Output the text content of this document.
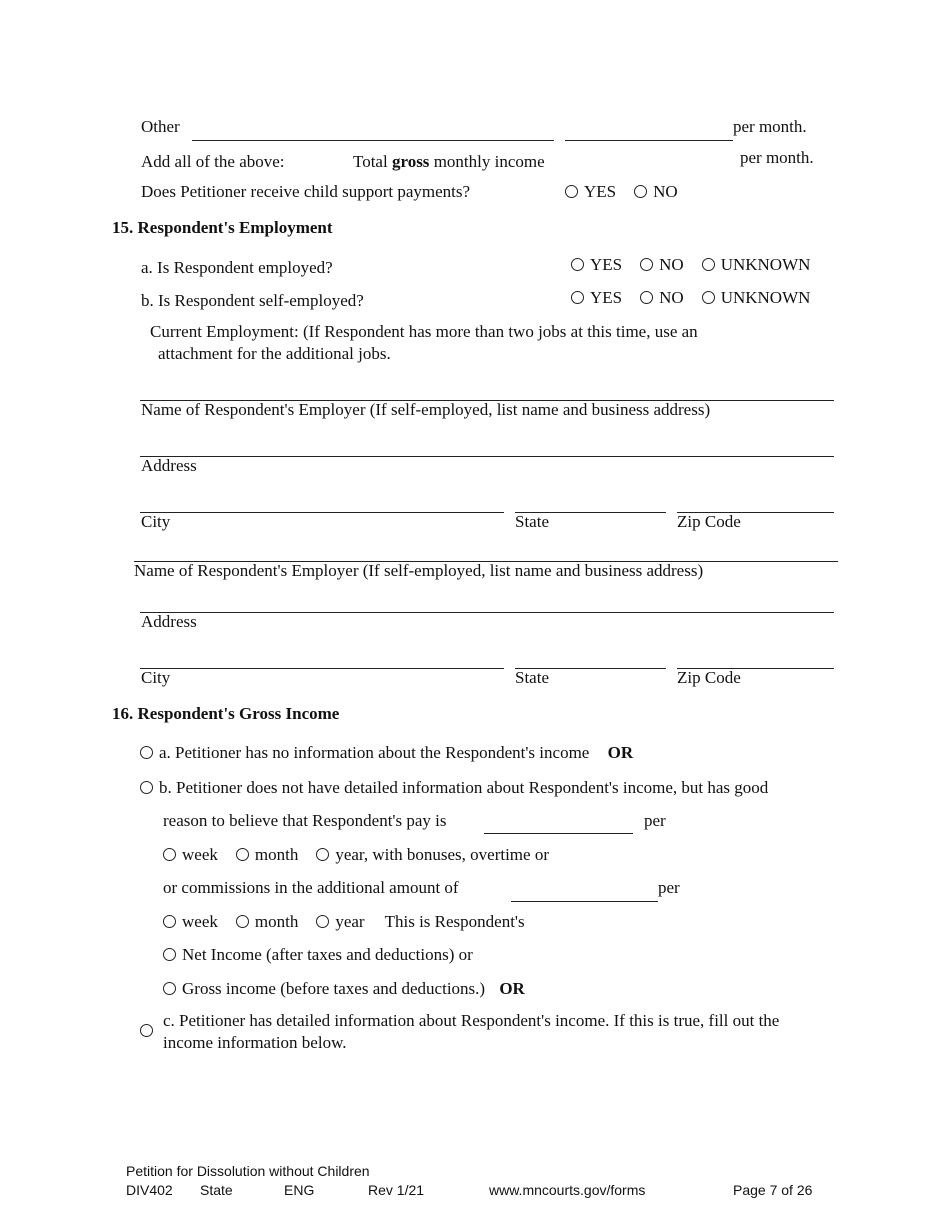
Other	per month.
Add all of the above:	Total gross monthly income	per month.
Does Petitioner receive child support payments?	YES NO
15. Respondent's Employment
a. Is Respondent employed?	YES NO UNKNOWN
b. Is Respondent self-employed?	YES NO UNKNOWN
Current Employment: (If Respondent has more than two jobs at this time, use an
attachment for the additional jobs.
Name of Respondent's Employer (If self-employed, list name and business address)
Address
City	State	Zip Code
Name of Respondent's Employer (If self-employed, list name and business address)
Address
City	State	Zip Code
16. Respondent's Gross Income
a. Petitioner has no information about the Respondent's income OR
b. Petitioner does not have detailed information about Respondent's income, but has good
reason to believe that Respondent's pay is	per
week month year, with bonuses, overtime or
or commissions in the additional amount of	per
week month year This is Respondent's
Net Income (after taxes and deductions) or
Gross income (before taxes and deductions.) OR
c. Petitioner has detailed information about Respondent's income. If this is true, fill out the
income information below.
Petition for Dissolution without Children
DIV402 State	ENG	Rev 1/21	www.mncourts.gov/forms	Page 7 of 26
